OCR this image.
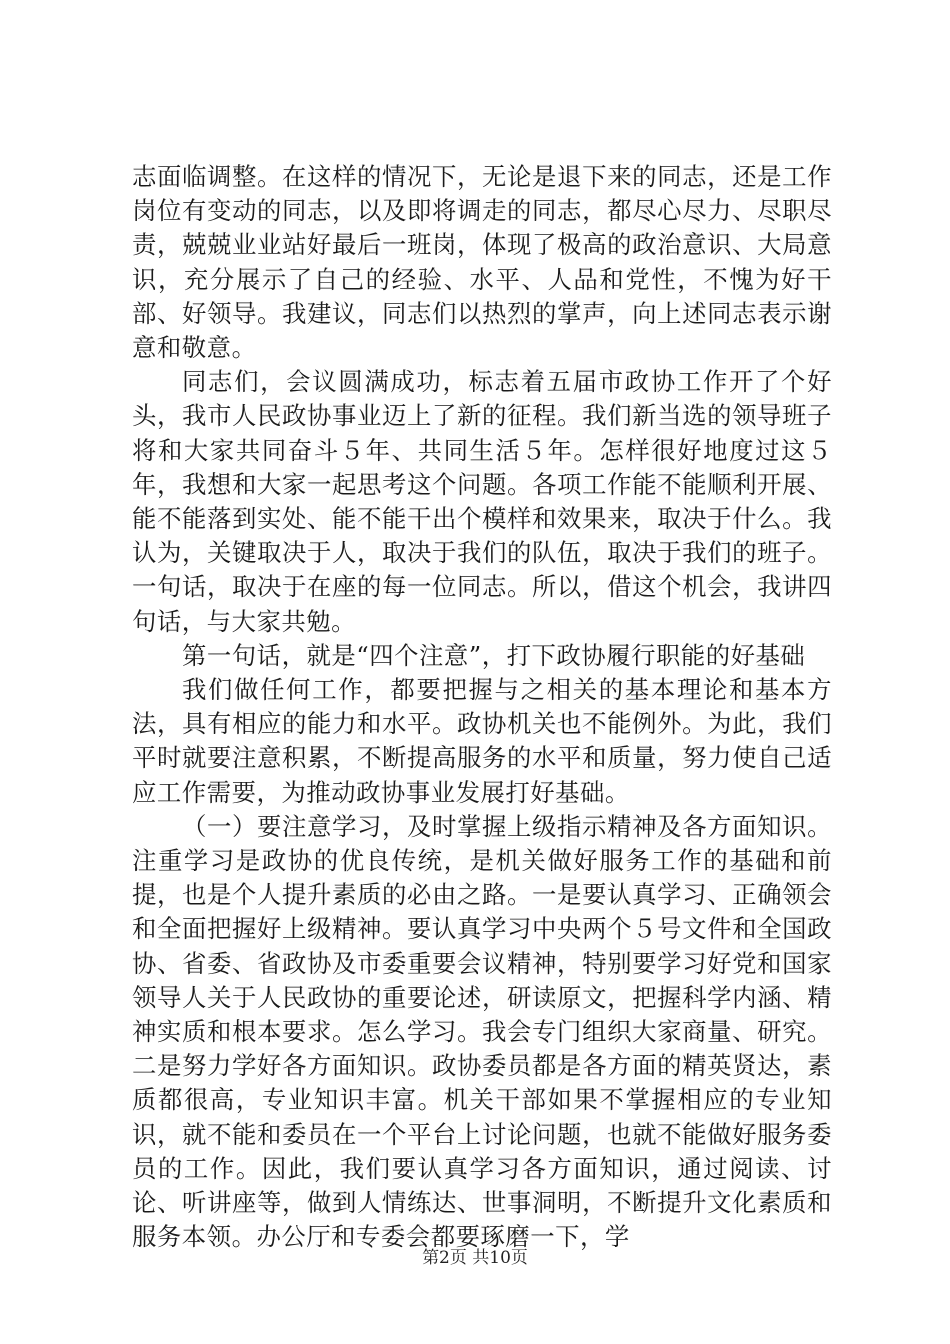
志面临调整。在这样的情况下，无论是退下来的同志，还是工作岗位有变动的同志，以及即将调走的同志，都尽心尽力、尽职尽责，兢兢业业站好最后一班岗，体现了极高的政治意识、大局意识，充分展示了自己的经验、水平、人品和党性，不愧为好干部、好领导。我建议，同志们以热烈的掌声，向上述同志表示谢意和敬意。

同志们，会议圆满成功，标志着五届市政协工作开了个好头，我市人民政协事业迈上了新的征程。我们新当选的领导班子将和大家共同奋斗５年、共同生活５年。怎样很好地度过这５年，我想和大家一起思考这个问题。各项工作能不能顺利开展、能不能落到实处、能不能干出个模样和效果来，取决于什么。我认为，关键取决于人，取决于我们的队伍，取决于我们的班子。一句话，取决于在座的每一位同志。所以，借这个机会，我讲四句话，与大家共勉。

第一句话，就是“四个注意”，打下政协履行职能的好基础

我们做任何工作，都要把握与之相关的基本理论和基本方法，具有相应的能力和水平。政协机关也不能例外。为此，我们平时就要注意积累，不断提高服务的水平和质量，努力使自己适应工作需要，为推动政协事业发展打好基础。

（一）要注意学习，及时掌握上级指示精神及各方面知识。注重学习是政协的优良传统，是机关做好服务工作的基础和前提，也是个人提升素质的必由之路。一是要认真学习、正确领会和全面把握好上级精神。要认真学习中央两个５号文件和全国政协、省委、省政协及市委重要会议精神，特别要学习好党和国家领导人关于人民政协的重要论述，研读原文，把握科学内涵、精神实质和根本要求。怎么学习。我会专门组织大家商量、研究。二是努力学好各方面知识。政协委员都是各方面的精英贤达，素质都很高，专业知识丰富。机关干部如果不掌握相应的专业知识，就不能和委员在一个平台上讨论问题，也就不能做好服务委员的工作。因此，我们要认真学习各方面知识，通过阅读、讨论、听讲座等，做到人情练达、世事洞明，不断提升文化素质和服务本领。办公厅和专委会都要琢磨一下，学

第2页 共10页
